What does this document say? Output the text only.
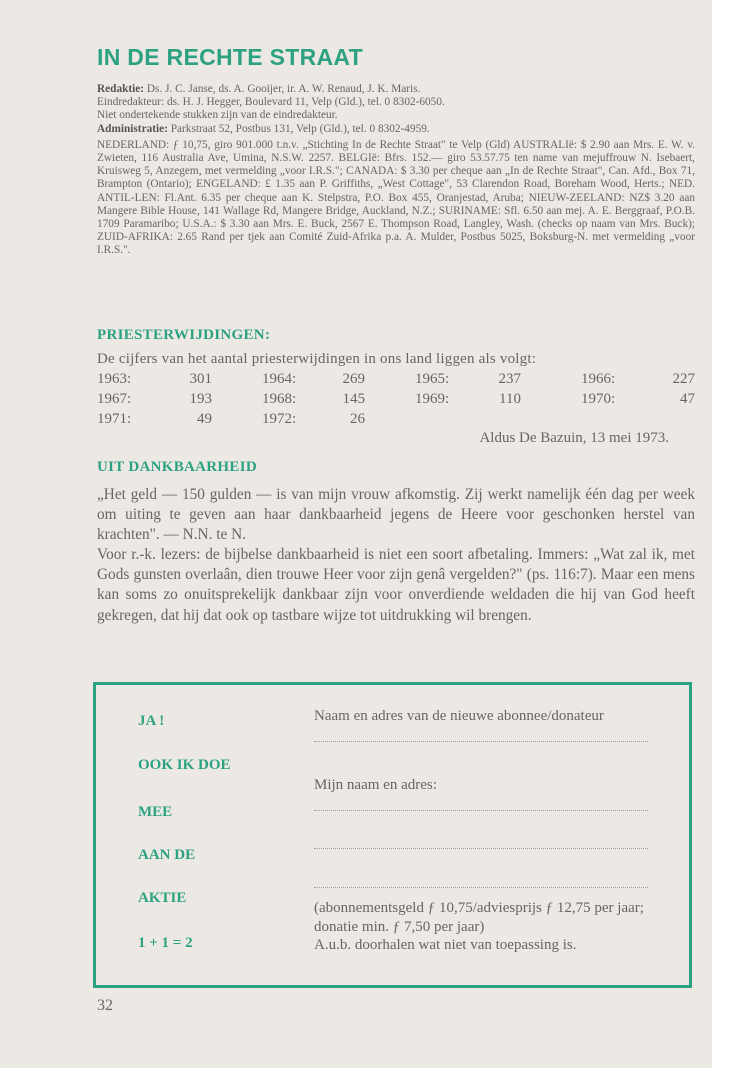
IN DE RECHTE STRAAT

Redaktie: Ds. J. C. Janse, ds. A. Gooijer, ir. A. W. Renaud, J. K. Maris.

Eindredakteur: ds. H. J. Hegger, Boulevard 11, Velp (Gld.), tel. 0 8302-6050.

Niet ondertekende stukken zijn van de eindredakteur.

Administratie: Parkstraat 52, Postbus 131, Velp (Gld.), tel. 0 8302-4959.

NEDERLAND: ƒ 10,75, giro 901.000 t.n.v. „Stichting In de Rechte Straat" te Velp (Gld) AUSTRALIë: $ 2.90 aan Mrs. E. W. v. Zwieten, 116 Australia Ave, Umina, N.S.W. 2257. BELGIë: Bfrs. 152.— giro 53.57.75 ten name van mejuffrouw N. Isebaert, Kruisweg 5, Anzegem, met vermelding „voor I.R.S."; CANADA: $ 3.30 per cheque aan „In de Rechte Straat", Can. Afd., Box 71, Brampton (Ontario); ENGELAND: £ 1.35 aan P. Griffiths, „West Cottage", 53 Clarendon Road, Boreham Wood, Herts.; NED. ANTIL-LEN: Fl.Ant. 6.35 per cheque aan K. Stelpstra, P.O. Box 455, Oranjestad, Aruba; NIEUW-ZEELAND: NZ$ 3.20 aan Mangere Bible House, 141 Wallage Rd, Mangere Bridge, Auckland, N.Z.; SURINAME: Sfl. 6.50 aan mej. A. E. Berggraaf, P.O.B. 1709 Paramaribo; U.S.A.: $ 3.30 aan Mrs. E. Buck, 2567 E. Thompson Road, Langley, Wash. (checks op naam van Mrs. Buck); ZUID-AFRIKA: 2.65 Rand per tjek aan Comité Zuid-Afrika p.a. A. Mulder, Postbus 5025, Boksburg-N. met vermelding „voor I.R.S.".

PRIESTERWIJDINGEN:
De cijfers van het aantal priesterwijdingen in ons land liggen als volgt:
1963:	301	1964:	269	1965:	237	1966:	227
1967:	193	1968:	145	1969:	110	1970:	47
1971:	49	1972:	26
Aldus De Bazuin, 13 mei 1973.
UIT DANKBAARHEID

„Het geld — 150 gulden — is van mijn vrouw afkomstig. Zij werkt namelijk één dag per week om uiting te geven aan haar dankbaarheid jegens de Heere voor geschonken herstel van krachten". — N.N. te N.

Voor r.-k. lezers: de bijbelse dankbaarheid is niet een soort afbetaling. Immers: „Wat zal ik, met Gods gunsten overlaân, dien trouwe Heer voor zijn genâ vergelden?" (ps. 116:7). Maar een mens kan soms zo onuitsprekelijk dankbaar zijn voor onverdiende weldaden die hij van God heeft gekregen, dat hij dat ook op tastbare wijze tot uitdrukking wil brengen.

JA !
OOK IK DOE
MEE
AAN DE
AKTIE
1 + 1 = 2
Naam en adres van de nieuwe abonnee/donateur
Mijn naam en adres:
(abonnementsgeld ƒ 10,75/adviesprijs ƒ 12,75 per jaar; donatie min. ƒ 7,50 per jaar)
A.u.b. doorhalen wat niet van toepassing is.
32
